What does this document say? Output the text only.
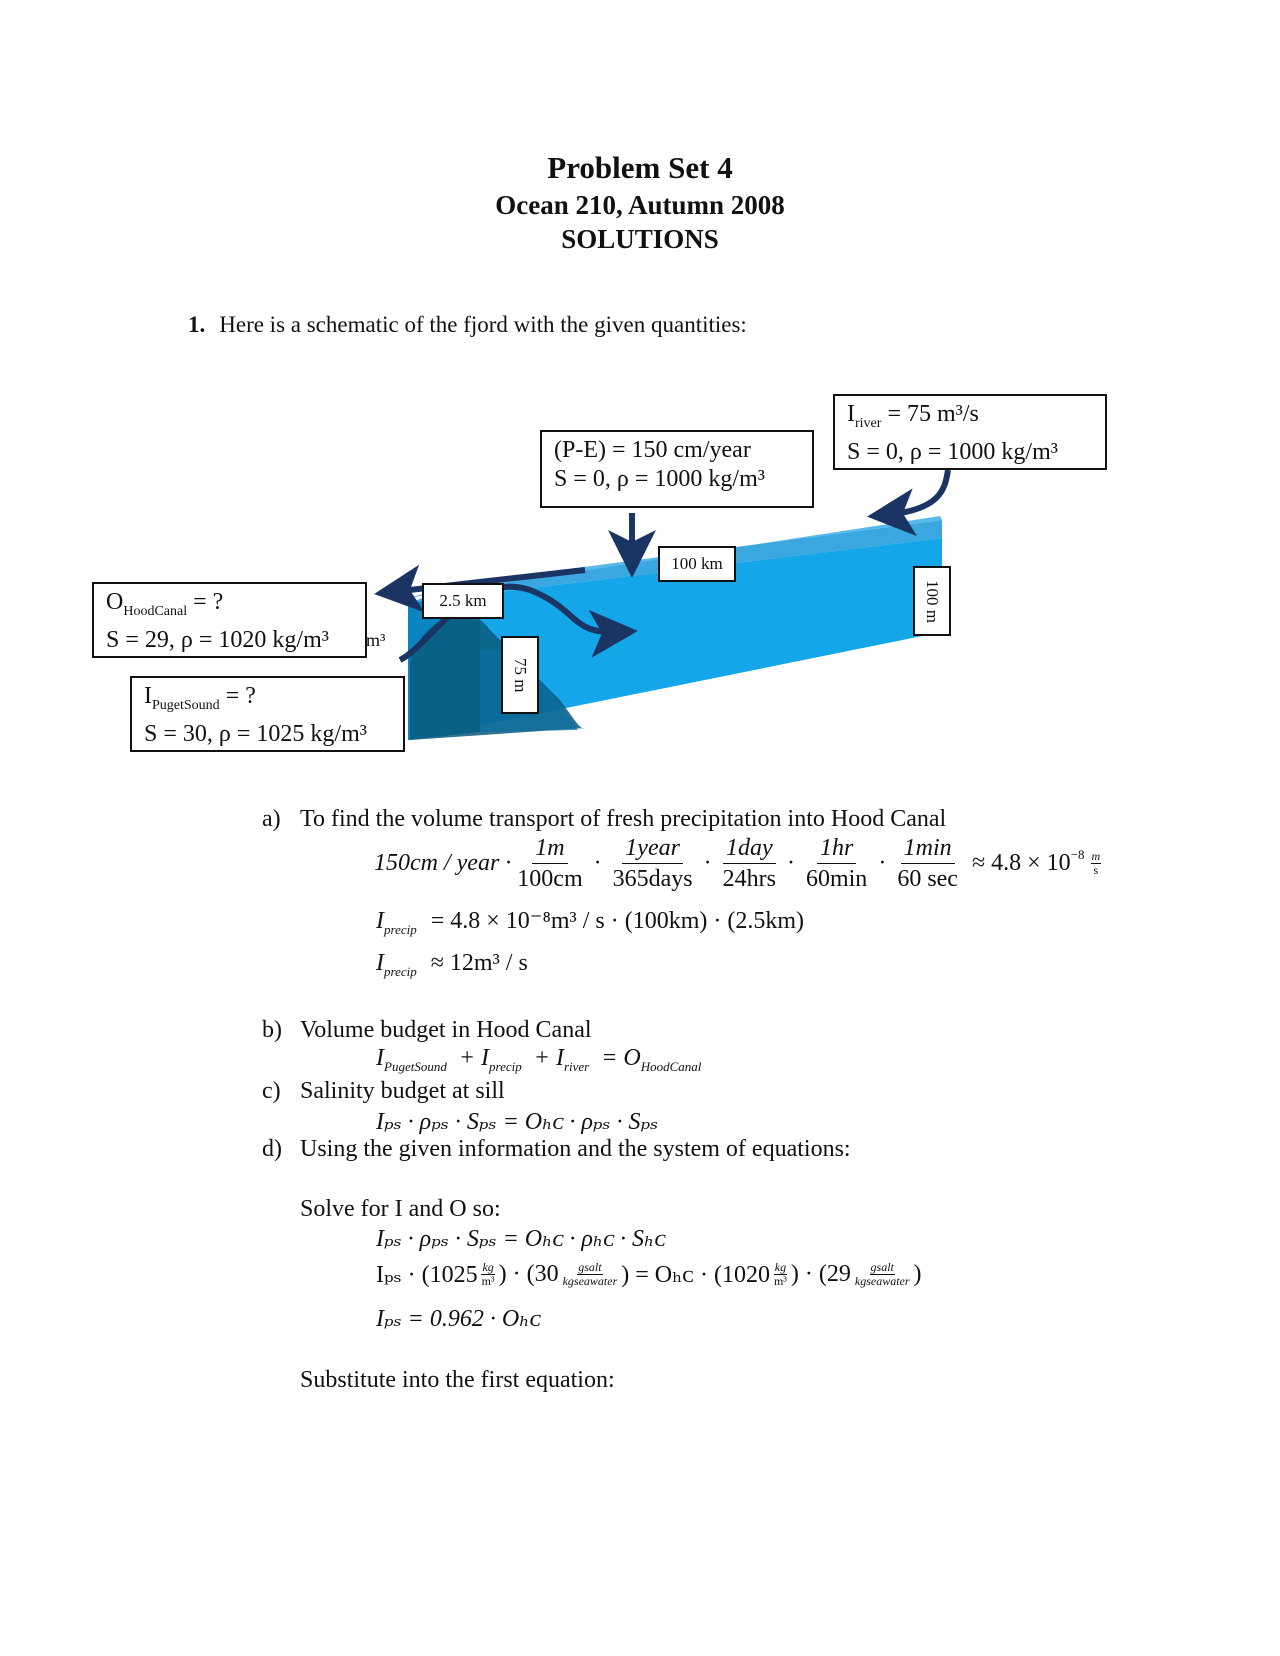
Problem Set 4
Ocean 210, Autumn 2008
SOLUTIONS
1. Here is a schematic of the fjord with the given quantities:
(P-E) = 150 cm/year
S = 0, ρ = 1000 kg/m³
$I_{river} = 75$ m³/s
S = 0, ρ = 1000 kg/m³
$O_{HoodCanal}$ = ?
S = 29, ρ = 1020 kg/m³	m³
$I_{PugetSound}$ = ?
S = 30, ρ = 1025 kg/m³
2.5 km
100 km
100 m
75 m
a) To find the volume transport of fresh precipitation into Hood Canal
150cm / year · $\frac{1m}{100cm} \cdot \frac{\text{1year}}{\text{365days}} \cdot \frac{\text{1day}}{\text{24hrs}} \cdot \frac{1hr}{60\min} \cdot \frac{1\min}{60 \sec} \approx 4.8 \times 10^{-8} \frac{m}{s}$
$I_{precip} = 4.8 \times 10^{-8}m^3 / s \cdot (100km) \cdot (2.5km)$
$I_{precip} \approx 12m^3 / s$
b) Volume budget in Hood Canal
$I_{PugetSound} + I_{precip} + I_{river} = O_{HoodCanal}$
c) Salinity budget at sill
Iₚₛ · ρₚₛ · Sₚₛ = Oₕᴄ · ρₚₛ · Sₚₛ
d) Using the given information and the system of equations:
Solve for I and O so:
Iₚₛ · ρₚₛ · Sₚₛ = Oₕᴄ · ρₕᴄ · Sₕᴄ
$I_{ps} \cdot (1025 \frac{kg}{\text{m³}}$ ) · ($30 \frac{\text{gsalt}}{\text{kgseawater}}$ ) = Oₕᴄ · ($1020 \frac{kg}{\text{m³}}$ ) · ($29 \frac{\text{gsalt}}{\text{kgseawater}}$ )
Iₚₛ = 0.962 · Oₕᴄ
Substitute into the first equation:
